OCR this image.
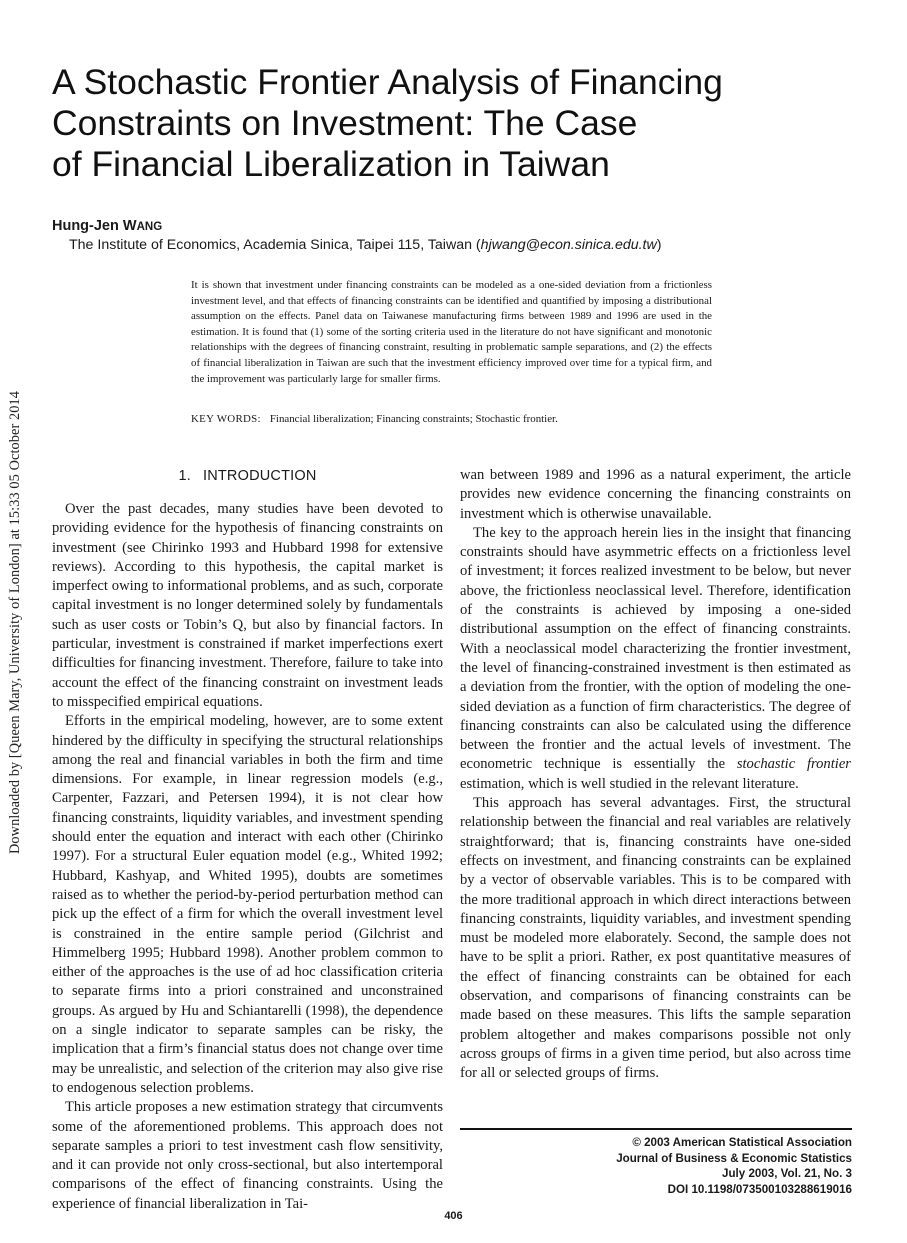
Downloaded by [Queen Mary, University of London] at 15:33 05 October 2014
A Stochastic Frontier Analysis of Financing
Constraints on Investment: The Case
of Financial Liberalization in Taiwan

Hung-Jen WANG

The Institute of Economics, Academia Sinica, Taipei 115, Taiwan (hjwang@econ.sinica.edu.tw)

It is shown that investment under financing constraints can be modeled as a one-sided deviation from a frictionless investment level, and that effects of financing constraints can be identified and quantified by imposing a distributional assumption on the effects. Panel data on Taiwanese manufacturing firms between 1989 and 1996 are used in the estimation. It is found that (1) some of the sorting criteria used in the literature do not have significant and monotonic relationships with the degrees of financing constraint, resulting in problematic sample separations, and (2) the effects of financial liberalization in Taiwan are such that the investment efficiency improved over time for a typical firm, and the improvement was particularly large for smaller firms.

KEY WORDS: Financial liberalization; Financing constraints; Stochastic frontier.

1. INTRODUCTION

Over the past decades, many studies have been devoted to providing evidence for the hypothesis of financing constraints on investment (see Chirinko 1993 and Hubbard 1998 for extensive reviews). According to this hypothesis, the capital market is imperfect owing to informational problems, and as such, corporate capital investment is no longer determined solely by fundamentals such as user costs or Tobin’s Q, but also by financial factors. In particular, investment is constrained if market imperfections exert difficulties for financing investment. Therefore, failure to take into account the effect of the financing constraint on investment leads to misspecified empirical equations.

Efforts in the empirical modeling, however, are to some extent hindered by the difficulty in specifying the structural relationships among the real and financial variables in both the firm and time dimensions. For example, in linear regression models (e.g., Carpenter, Fazzari, and Petersen 1994), it is not clear how financing constraints, liquidity variables, and investment spending should enter the equation and interact with each other (Chirinko 1997). For a structural Euler equation model (e.g., Whited 1992; Hubbard, Kashyap, and Whited 1995), doubts are sometimes raised as to whether the period-by-period perturbation method can pick up the effect of a firm for which the overall investment level is constrained in the entire sample period (Gilchrist and Himmelberg 1995; Hubbard 1998). Another problem common to either of the approaches is the use of ad hoc classification criteria to separate firms into a priori constrained and unconstrained groups. As argued by Hu and Schiantarelli (1998), the dependence on a single indicator to separate samples can be risky, the implication that a firm’s financial status does not change over time may be unrealistic, and selection of the criterion may also give rise to endogenous selection problems.

This article proposes a new estimation strategy that circumvents some of the aforementioned problems. This approach does not separate samples a priori to test investment cash flow sensitivity, and it can provide not only cross-sectional, but also intertemporal comparisons of the effect of financing constraints. Using the experience of financial liberalization in Tai-

wan between 1989 and 1996 as a natural experiment, the article provides new evidence concerning the financing constraints on investment which is otherwise unavailable.

The key to the approach herein lies in the insight that financing constraints should have asymmetric effects on a frictionless level of investment; it forces realized investment to be below, but never above, the frictionless neoclassical level. Therefore, identification of the constraints is achieved by imposing a one-sided distributional assumption on the effect of financing constraints. With a neoclassical model characterizing the frontier investment, the level of financing-constrained investment is then estimated as a deviation from the frontier, with the option of modeling the one-sided deviation as a function of firm characteristics. The degree of financing constraints can also be calculated using the difference between the frontier and the actual levels of investment. The econometric technique is essentially the stochastic frontier estimation, which is well studied in the relevant literature.

This approach has several advantages. First, the structural relationship between the financial and real variables are relatively straightforward; that is, financing constraints have one-sided effects on investment, and financing constraints can be explained by a vector of observable variables. This is to be compared with the more traditional approach in which direct interactions between financing constraints, liquidity variables, and investment spending must be modeled more elaborately. Second, the sample does not have to be split a priori. Rather, ex post quantitative measures of the effect of financing constraints can be obtained for each observation, and comparisons of financing constraints can be made based on these measures. This lifts the sample separation problem altogether and makes comparisons possible not only across groups of firms in a given time period, but also across time for all or selected groups of firms.

© 2003 American Statistical Association
Journal of Business & Economic Statistics
July 2003, Vol. 21, No. 3
DOI 10.1198/073500103288619016
406
